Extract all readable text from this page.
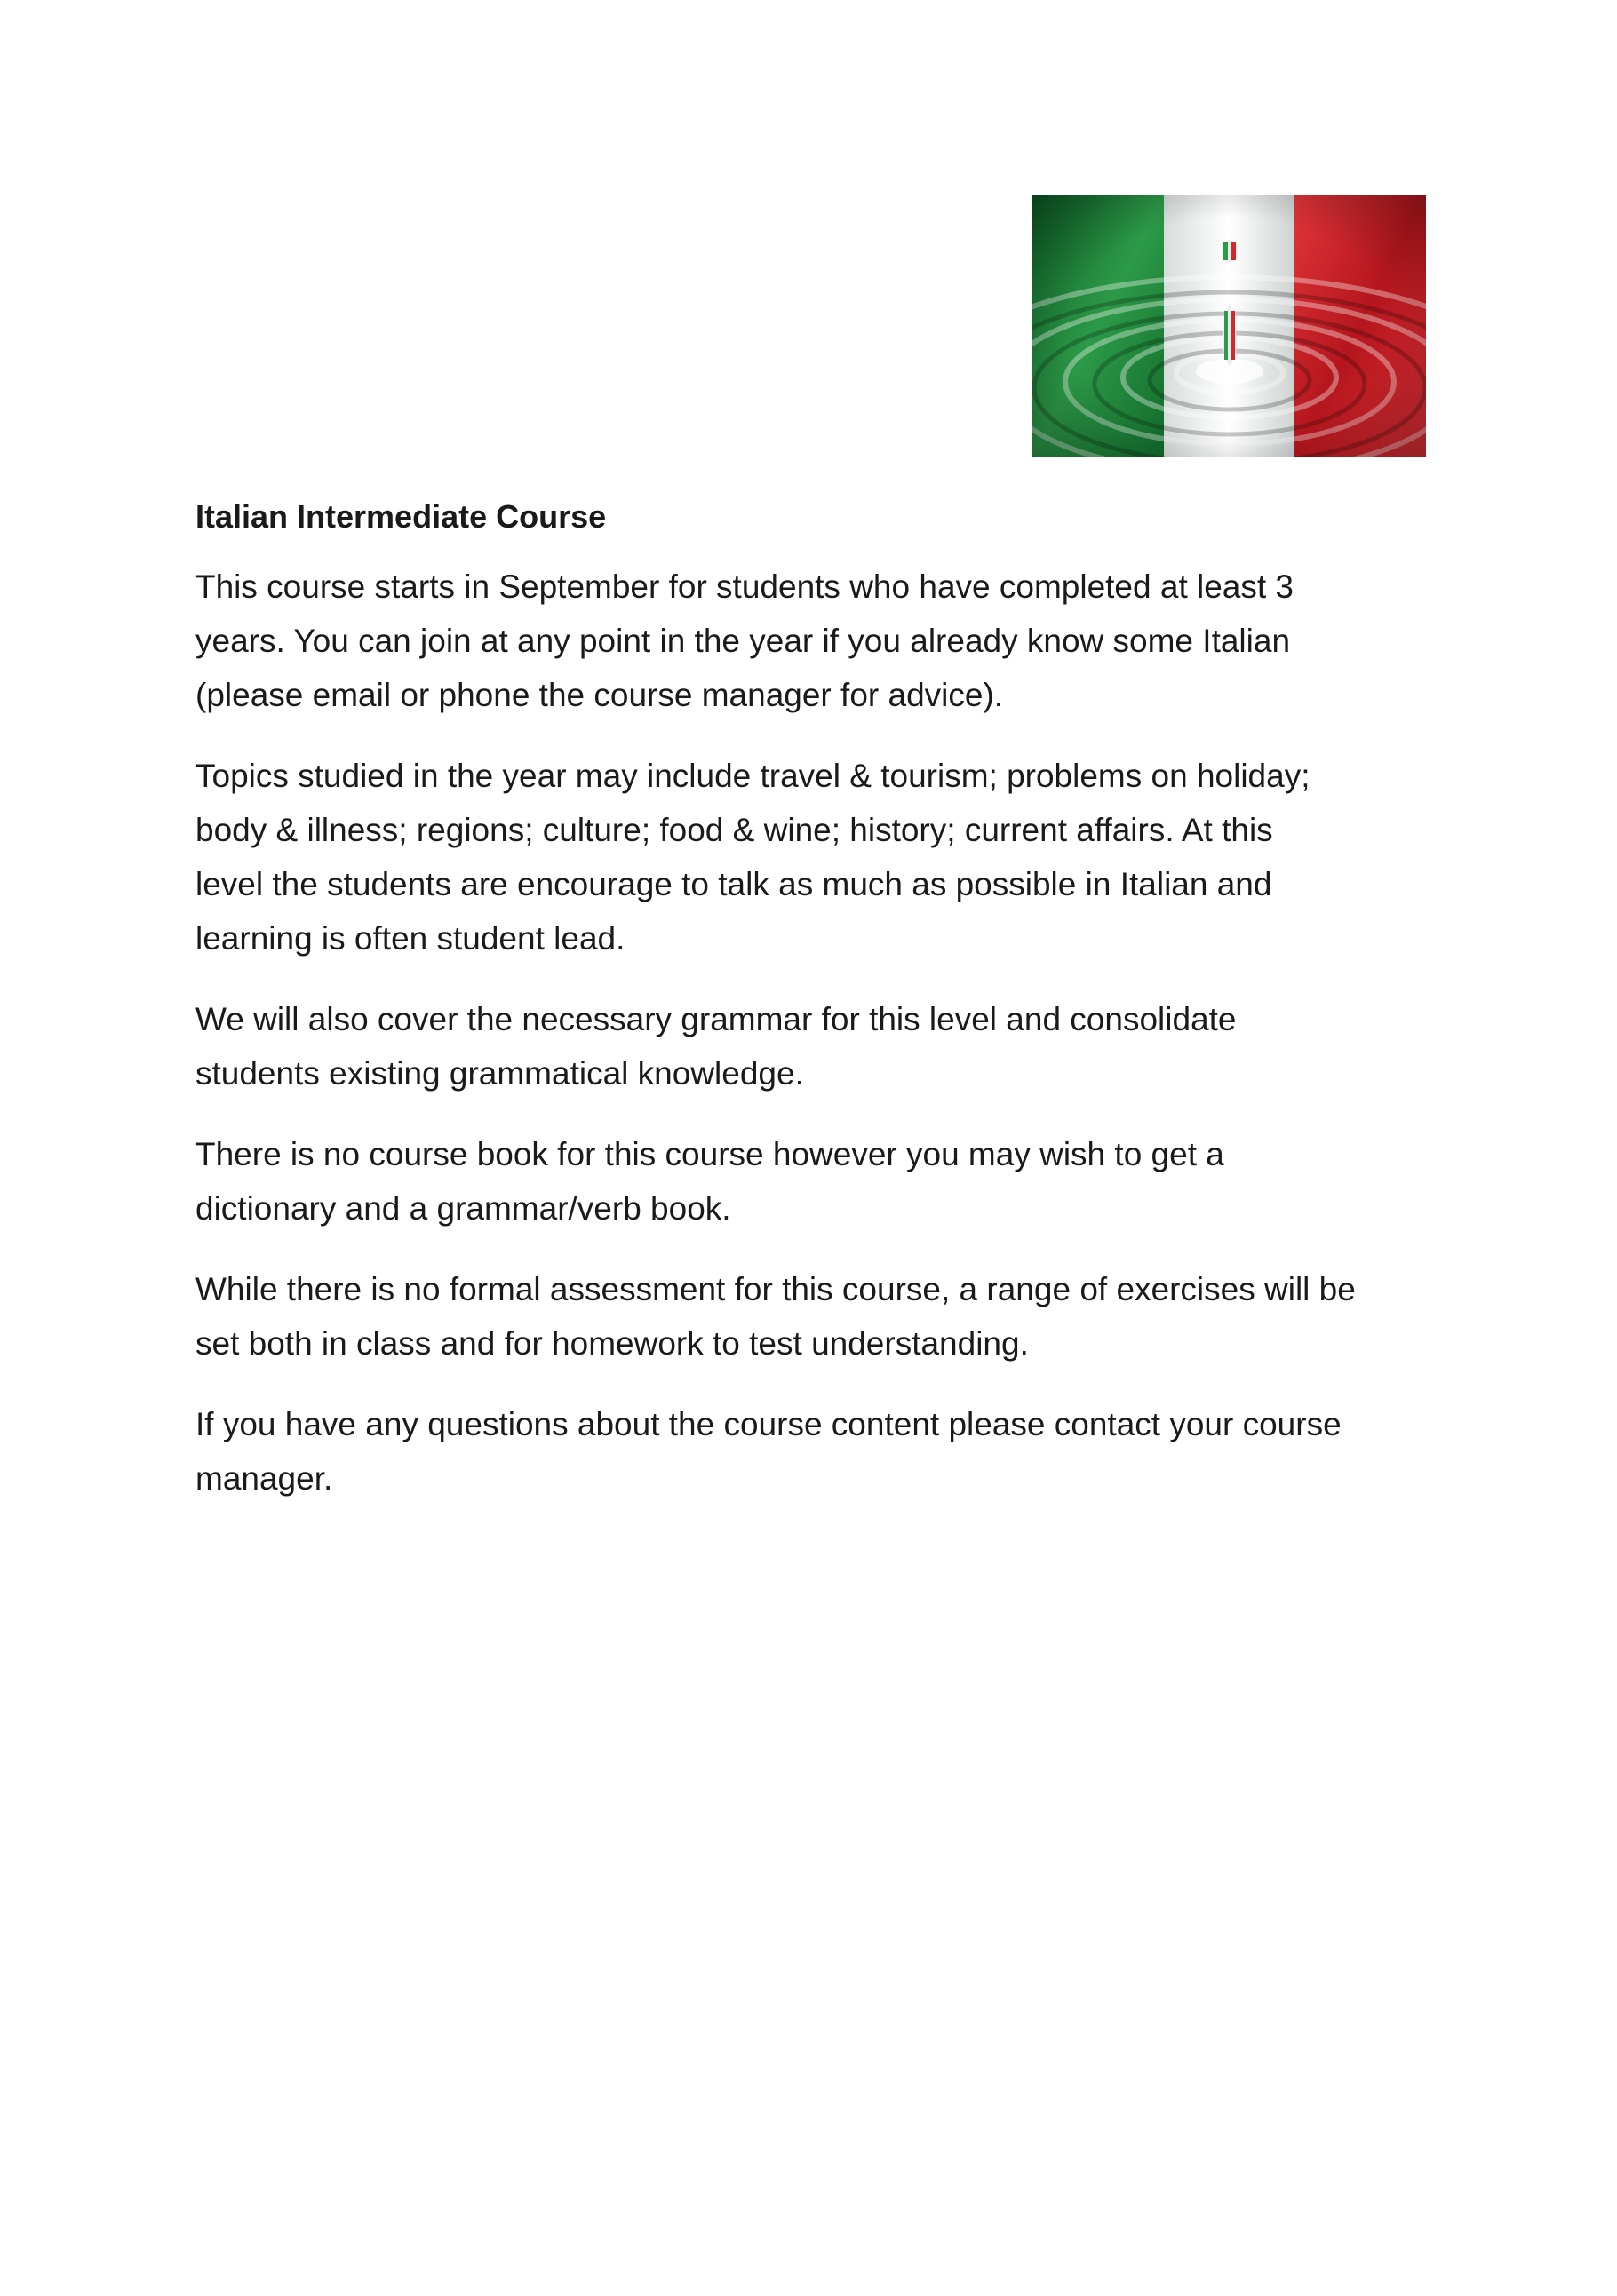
Italian Intermediate Course
This course starts in September for students who have completed at least 3
years. You can join at any point in the year if you already know some Italian
(please email or phone the course manager for advice).
Topics studied in the year may include travel & tourism; problems on holiday;
body & illness; regions; culture; food & wine; history; current affairs. At this
level the students are encourage to talk as much as possible in Italian and
learning is often student lead.
We will also cover the necessary grammar for this level and consolidate
students existing grammatical knowledge.
There is no course book for this course however you may wish to get a
dictionary and a grammar/verb book.
While there is no formal assessment for this course, a range of exercises will be
set both in class and for homework to test understanding.
If you have any questions about the course content please contact your course
manager.
